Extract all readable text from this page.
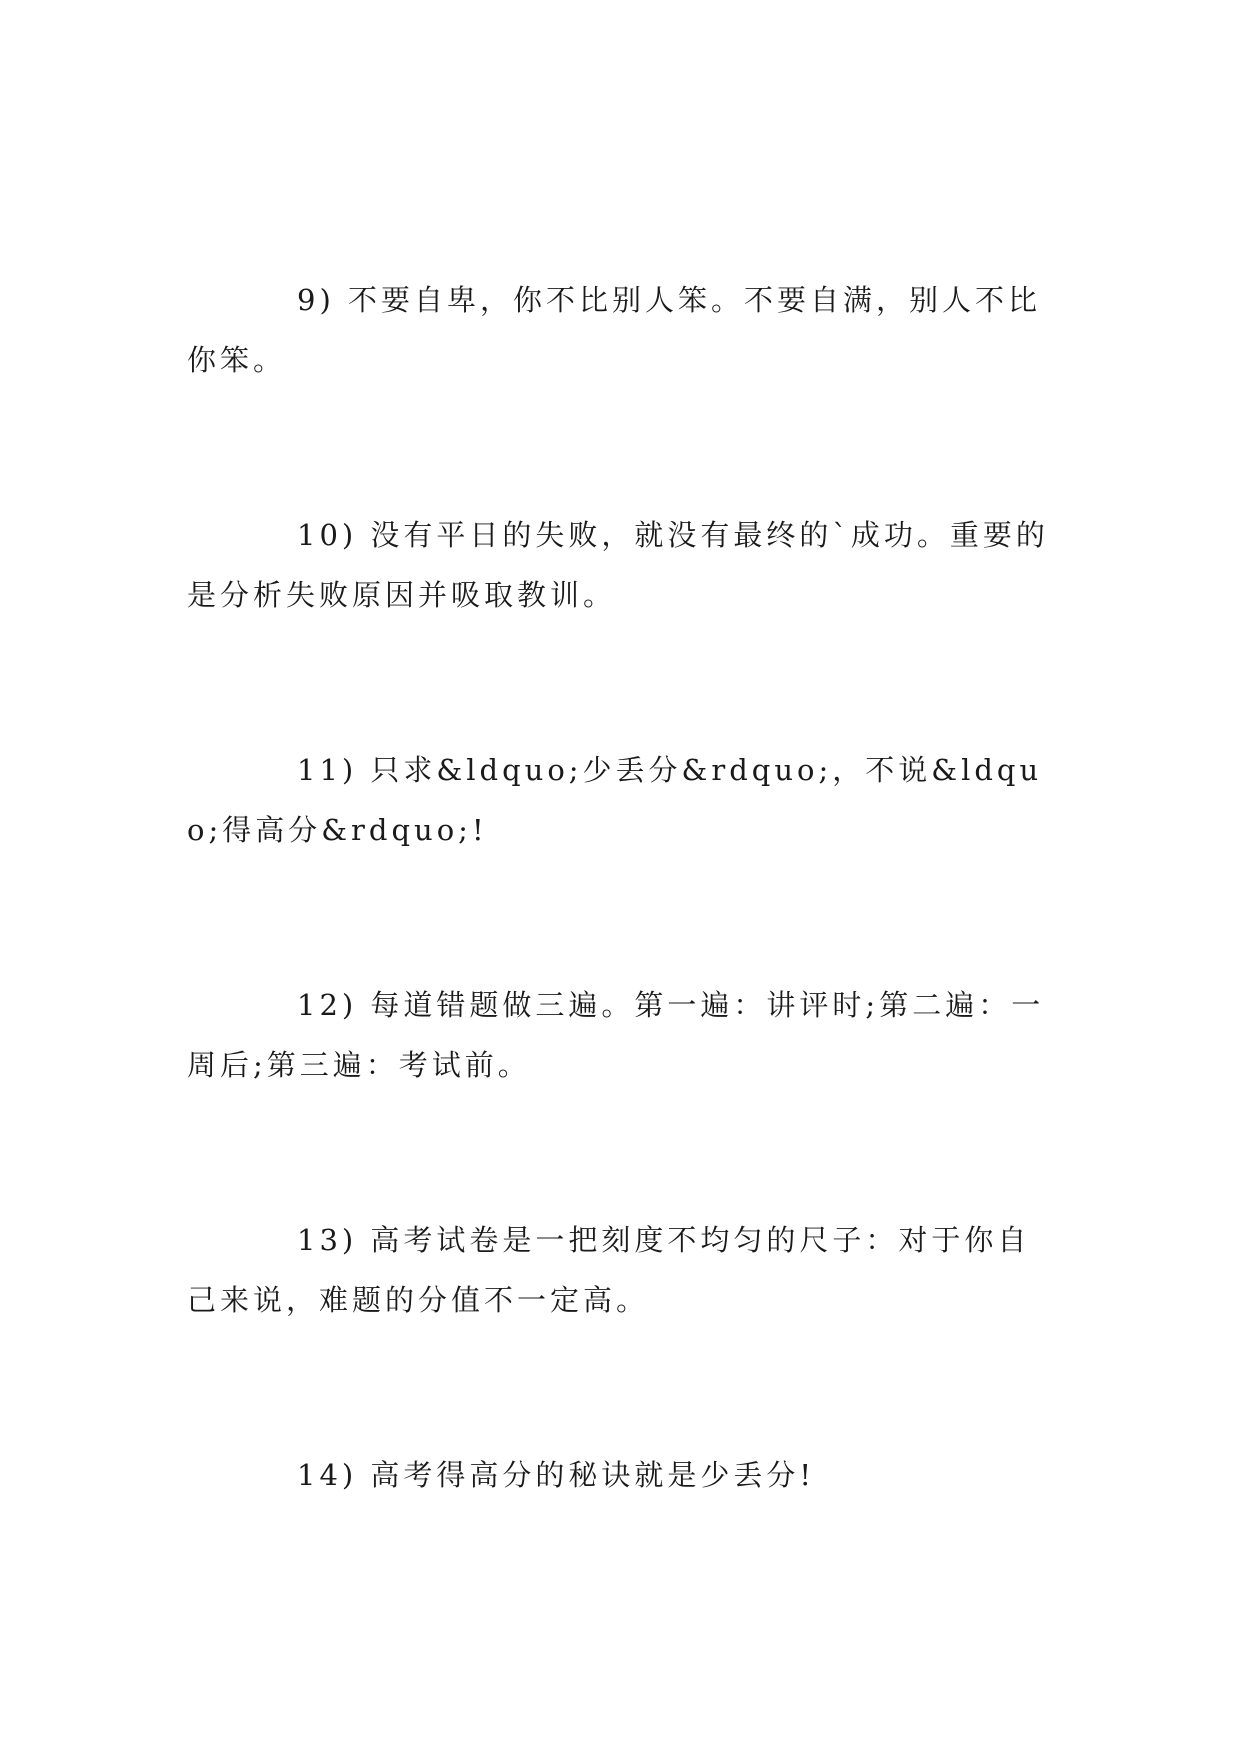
9) 不要自卑，你不比别人笨。不要自满，别人不比你笨。

10) 没有平日的失败，就没有最终的`成功。重要的是分析失败原因并吸取教训。

11) 只求&ldquo;少丢分&rdquo;，不说&ldquo;得高分&rdquo;!

12) 每道错题做三遍。第一遍：讲评时;第二遍：一周后;第三遍：考试前。

13) 高考试卷是一把刻度不均匀的尺子：对于你自己来说，难题的分值不一定高。

14) 高考得高分的秘诀就是少丢分!
